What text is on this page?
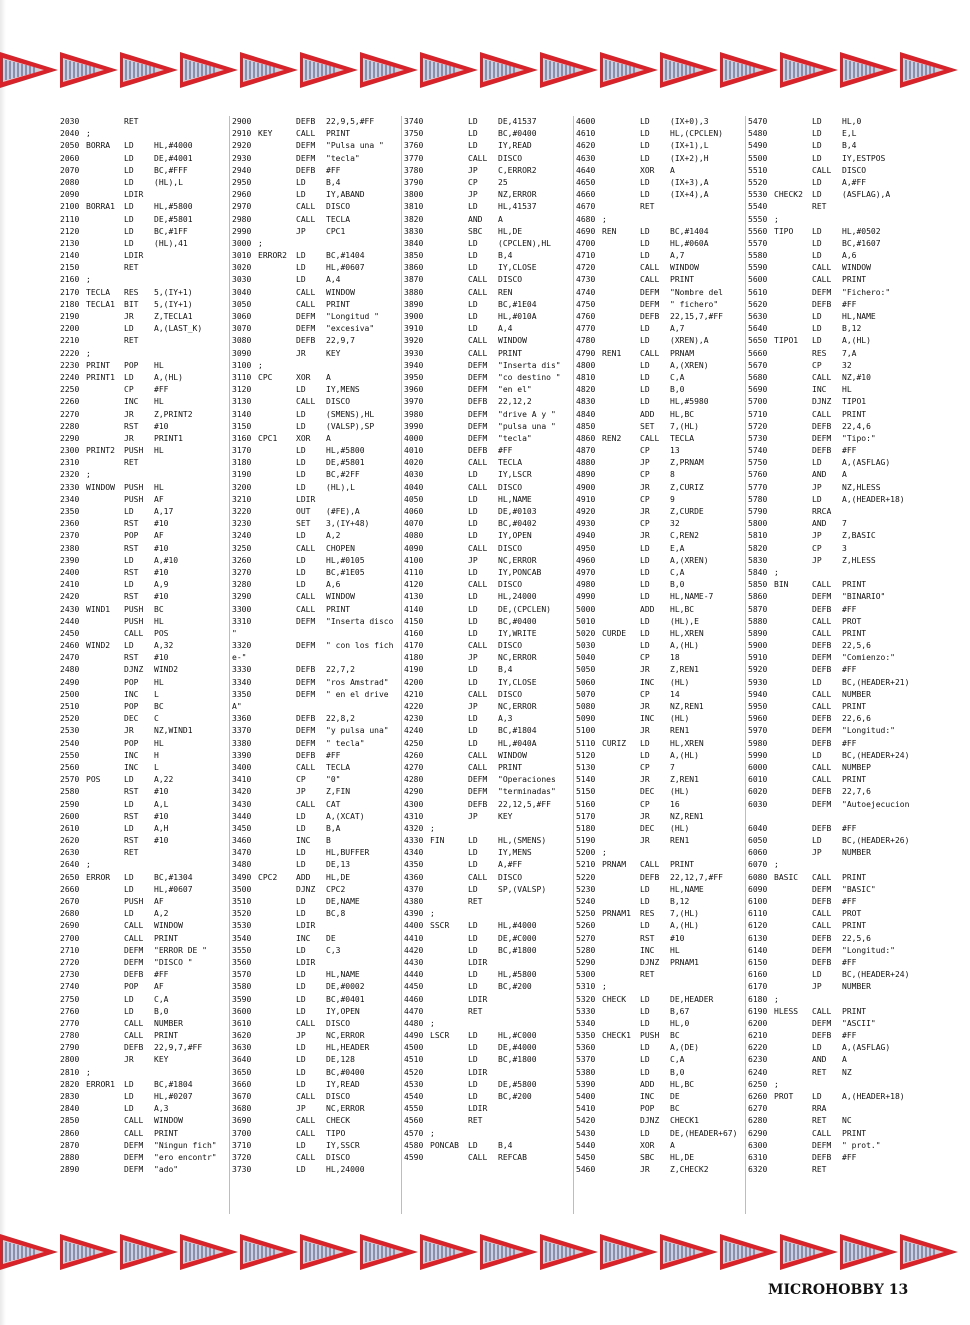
2030	RET
2040 ;
2050 BORRA LD	HL,#4000
2060	LD	DE,#4001
2070	LD	BC,#FFF
2080	LD	(HL),L
2090	LDIR
2100 BORRA1 LD	HL,#5800
2110	LD	DE,#5801
2120	LD	BC,#1FF
2130	LD	(HL),41
2140	LDIR
2150	RET
2160 ;
2170 TECLA RES 5,(IY+1)
2180 TECLA1 BIT 5,(IY+1)
2190	JR	Z,TECLA1
2200	LD	A,(LAST_K)
2210	RET
2220 ;
2230 PRINT POP HL
2240 PRINT1 LD	A,(HL)
2250	CP	#FF
2260	INC HL
2270	JR	Z,PRINT2
2280	RST #10
2290	JR	PRINT1
2300 PRINT2 PUSH HL
2310	RET
2320 ;
2330 WINDOW PUSH HL
2340	PUSH AF
2350	LD	A,17
2360	RST #10
2370	POP AF
2380	RST #10
2390	LD	A,#10
2400	RST #10
2410	LD	A,9
2420	RST #10
2430 WIND1 PUSH BC
2440	PUSH HL
2450	CALL POS
2460 WIND2 LD	A,32
2470	RST #10
2480	DJNZ WIND2
2490	POP HL
2500	INC L
2510	POP BC
2520	DEC C
2530	JR	NZ,WIND1
2540	POP HL
2550	INC H
2560	INC L
2570 POS	LD	A,22
2580	RST #10
2590	LD	A,L
2600	RST #10
2610	LD	A,H
2620	RST #10
2630	RET
2640 ;
2650 ERROR LD	BC,#1304
2660	LD	HL,#0607
2670	PUSH AF
2680	LD	A,2
2690	CALL WINDOW
2700	CALL PRINT
2710	DEFM "ERROR DE "
2720	DEFM "DISCO "
2730	DEFB #FF
2740	POP AF
2750	LD	C,A
2760	LD	B,0
2770	CALL NUMBER
2780	CALL PRINT
2790	DEFB 22,9,7,#FF
2800	JR	KEY
2810 ;
2820 ERROR1 LD	BC,#1804
2830	LD	HL,#0207
2840	LD	A,3
2850	CALL WINDOW
2860	CALL PRINT
2870	DEFM "Ningun fich"
2880	DEFM "ero encontr"
2890	DEFM "ado"
2900	DEFB 22,9,5,#FF
2910 KEY	CALL PRINT
2920	DEFM "Pulsa una "
2930	DEFM "tecla"
2940	DEFB #FF
2950	LD	B,4
2960	LD	IY,ABAND
2970	CALL DISCO
2980	CALL TECLA
2990	JP	CPC1
3000 ;
3010 ERROR2 LD	BC,#1404
3020	LD	HL,#0607
3030	LD	A,4
3040	CALL WINDOW
3050	CALL PRINT
3060	DEFM "Longitud "
3070	DEFM "excesiva"
3080	DEFB 22,9,7
3090	JR	KEY
3100 ;
3110 CPC	XOR A
3120	LD	IY,MENS
3130	CALL DISCO
3140	LD	(SMENS),HL
3150	LD	(VALSP),SP
3160 CPC1 XOR A
3170	LD	HL,#5800
3180	LD	DE,#5801
3190	LD	BC,#2FF
3200	LD	(HL),L
3210	LDIR
3220	OUT (#FE),A
3230	SET 3,(IY+48)
3240	LD	A,2
3250	CALL CHOPEN
3260	LD	HL,#0105
3270	LD	BC,#1E05
3280	LD	A,6
3290	CALL WINDOW
3300	CALL PRINT
3310	DEFM "Inserta disco
"
3320	DEFM " con los fich
e-"
3330	DEFB 22,7,2
3340	DEFM "ros Amstrad"
3350	DEFM " en el drive
A"
3360	DEFB 22,8,2
3370	DEFM "y pulsa una"
3380	DEFM " tecla"
3390	DEFB #FF
3400	CALL TECLA
3410	CP	"0"
3420	JP	Z,FIN
3430	CALL CAT
3440	LD	A,(XCAT)
3450	LD	B,A
3460	INC B
3470	LD	HL,BUFFER
3480	LD	DE,13
3490 CPC2 ADD HL,DE
3500	DJNZ CPC2
3510	LD	DE,NAME
3520	LD	BC,8
3530	LDIR
3540	INC DE
3550	LD	C,3
3560	LDIR
3570	LD	HL,NAME
3580	LD	DE,#0002
3590	LD	BC,#0401
3600	LD	IY,OPEN
3610	CALL DISCO
3620	JP	NC,ERROR
3630	LD	HL,HEADER
3640	LD	DE,128
3650	LD	BC,#0400
3660	LD	IY,READ
3670	CALL DISCO
3680	JP	NC,ERROR
3690	CALL CHECK
3700	CALL TIPO
3710	LD	IY,SSCR
3720	CALL DISCO
3730	LD	HL,24000
3740	LD	DE,41537
3750	LD	BC,#0400
3760	LD	IY,READ
3770	CALL DISCO
3780	JP	C,ERROR2
3790	CP	25
3800	JP	NZ,ERROR
3810	LD	HL,41537
3820	AND A
3830	SBC HL,DE
3840	LD	(CPCLEN),HL
3850	LD	B,4
3860	LD	IY,CLOSE
3870	CALL DISCO
3880	CALL REN
3890	LD	BC,#1E04
3900	LD	HL,#010A
3910	LD	A,4
3920	CALL WINDOW
3930	CALL PRINT
3940	DEFM "Inserta dis"
3950	DEFM "co destino "
3960	DEFM "en el"
3970	DEFB 22,12,2
3980	DEFM "drive A y "
3990	DEFM "pulsa una "
4000	DEFM "tecla"
4010	DEFB #FF
4020	CALL TECLA
4030	LD	IY,LSCR
4040	CALL DISCO
4050	LD	HL,NAME
4060	LD	DE,#0103
4070	LD	BC,#0402
4080	LD	IY,OPEN
4090	CALL DISCO
4100	JP	NC,ERROR
4110	LD	IY,PONCAB
4120	CALL DISCO
4130	LD	HL,24000
4140	LD	DE,(CPCLEN)
4150	LD	BC,#0400
4160	LD	IY,WRITE
4170	CALL DISCO
4180	JP	NC,ERROR
4190	LD	B,4
4200	LD	IY,CLOSE
4210	CALL DISCO
4220	JP	NC,ERROR
4230	LD	A,3
4240	LD	BC,#1804
4250	LD	HL,#040A
4260	CALL WINDOW
4270	CALL PRINT
4280	DEFM "Operaciones
4290	DEFM "terminadas"
4300	DEFB 22,12,5,#FF
4310	JP	KEY
4320 ;
4330 FIN	LD	HL,(SMENS)
4340	LD	IY,MENS
4350	LD	A,#FF
4360	CALL DISCO
4370	LD	SP,(VALSP)
4380	RET
4390 ;
4400 SSCR LD	HL,#4000
4410	LD	DE,#C000
4420	LD	BC,#1800
4430	LDIR
4440	LD	HL,#5800
4450	LD	BC,#200
4460	LDIR
4470	RET
4480 ;
4490 LSCR LD	HL,#C000
4500	LD	DE,#4000
4510	LD	BC,#1800
4520	LDIR
4530	LD	DE,#5800
4540	LD	BC,#200
4550	LDIR
4560	RET
4570 ;
4580 PONCAB LD	B,4
4590	CALL REFCAB
4600	LD	(IX+0),3
4610	LD	HL,(CPCLEN)
4620	LD	(IX+1),L
4630	LD	(IX+2),H
4640	XOR A
4650	LD	(IX+3),A
4660	LD	(IX+4),A
4670	RET
4680 ;
4690 REN	LD	BC,#1404
4700	LD	HL,#060A
4710	LD	A,7
4720	CALL WINDOW
4730	CALL PRINT
4740	DEFM "Nombre del
4750	DEFM " fichero"
4760	DEFB 22,15,7,#FF
4770	LD	A,7
4780	LD	(XREN),A
4790 REN1 CALL PRNAM
4800	LD	A,(XREN)
4810	LD	C,A
4820	LD	B,0
4830	LD	HL,#5980
4840	ADD HL,BC
4850	SET 7,(HL)
4860 REN2 CALL TECLA
4870	CP	13
4880	JP	Z,PRNAM
4890	CP	8
4900	JR	Z,CURIZ
4910	CP	9
4920	JR	Z,CURDE
4930	CP	32
4940	JR	C,REN2
4950	LD	E,A
4960	LD	A,(XREN)
4970	LD	C,A
4980	LD	B,0
4990	LD	HL,NAME-7
5000	ADD HL,BC
5010	LD	(HL),E
5020 CURDE LD	HL,XREN
5030	LD	A,(HL)
5040	CP	18
5050	JR	Z,REN1
5060	INC (HL)
5070	CP	14
5080	JR	NZ,REN1
5090	INC (HL)
5100	JR	REN1
5110 CURIZ LD	HL,XREN
5120	LD	A,(HL)
5130	CP	7
5140	JR	Z,REN1
5150	DEC (HL)
5160	CP	16
5170	JR	NZ,REN1
5180	DEC (HL)
5190	JR	REN1
5200 ;
5210 PRNAM CALL PRINT
5220	DEFB 22,12,7,#FF
5230	LD	HL,NAME
5240	LD	B,12
5250 PRNAM1 RES 7,(HL)
5260	LD	A,(HL)
5270	RST #10
5280	INC HL
5290	DJNZ PRNAM1
5300	RET
5310 ;
5320 CHECK LD	DE,HEADER
5330	LD	B,67
5340	LD	HL,0
5350 CHECK1 PUSH BC
5360	LD	A,(DE)
5370	LD	C,A
5380	LD	B,0
5390	ADD HL,BC
5400	INC DE
5410	POP BC
5420	DJNZ CHECK1
5430	LD	DE,(HEADER+67)
5440	XOR A
5450	SBC HL,DE
5460	JR	Z,CHECK2
5470	LD	HL,0
5480	LD	E,L
5490	LD	B,4
5500	LD	IY,ESTPOS
5510	CALL DISCO
5520	LD	A,#FF
5530 CHECK2 LD	(ASFLAG),A
5540	RET
5550 ;
5560 TIPO LD	HL,#0502
5570	LD	BC,#1607
5580	LD	A,6
5590	CALL WINDOW
5600	CALL PRINT
5610	DEFM "Fichero:"
5620	DEFB #FF
5630	LD	HL,NAME
5640	LD	B,12
5650 TIPO1 LD	A,(HL)
5660	RES 7,A
5670	CP	32
5680	CALL NZ,#10
5690	INC HL
5700	DJNZ TIPO1
5710	CALL PRINT
5720	DEFB 22,4,6
5730	DEFM "Tipo:"
5740	DEFB #FF
5750	LD	A,(ASFLAG)
5760	AND A
5770	JP	NZ,HLESS
5780	LD	A,(HEADER+18)
5790	RRCA
5800	AND 7
5810	JP	Z,BASIC
5820	CP	3
5830	JP	Z,HLESS
5840 ;
5850 BIN	CALL PRINT
5860	DEFM "BINARIO"
5870	DEFB #FF
5880	CALL PROT
5890	CALL PRINT
5900	DEFB 22,5,6
5910	DEFM "Comienzo:"
5920	DEFB #FF
5930	LD	BC,(HEADER+21)
5940	CALL NUMBER
5950	CALL PRINT
5960	DEFB 22,6,6
5970	DEFM "Longitud:"
5980	DEFB #FF
5990	LD	BC,(HEADER+24)
6000	CALL NUMBEP
6010	CALL PRINT
6020	DEFB 22,7,6
6030	DEFM "Autoejecucion
6040	DEFB #FF
6050	LD	BC,(HEADER+26)
6060	JP	NUMBER
6070 ;
6080 BASIC CALL PRINT
6090	DEFM "BASIC"
6100	DEFB #FF
6110	CALL PROT
6120	CALL PRINT
6130	DEFB 22,5,6
6140	DEFM "Longitud:"
6150	DEFB #FF
6160	LD	BC,(HEADER+24)
6170	JP	NUMBER
6180 ;
6190 HLESS CALL PRINT
6200	DEFM "ASCII"
6210	DEFB #FF
6220	LD	A,(ASFLAG)
6230	AND A
6240	RET NZ
6250 ;
6260 PROT LD	A,(HEADER+18)
6270	RRA
6280	RET NC
6290	CALL PRINT
6300	DEFM " prot."
6310	DEFB #FF
6320	RET
MICROHOBBY 13
